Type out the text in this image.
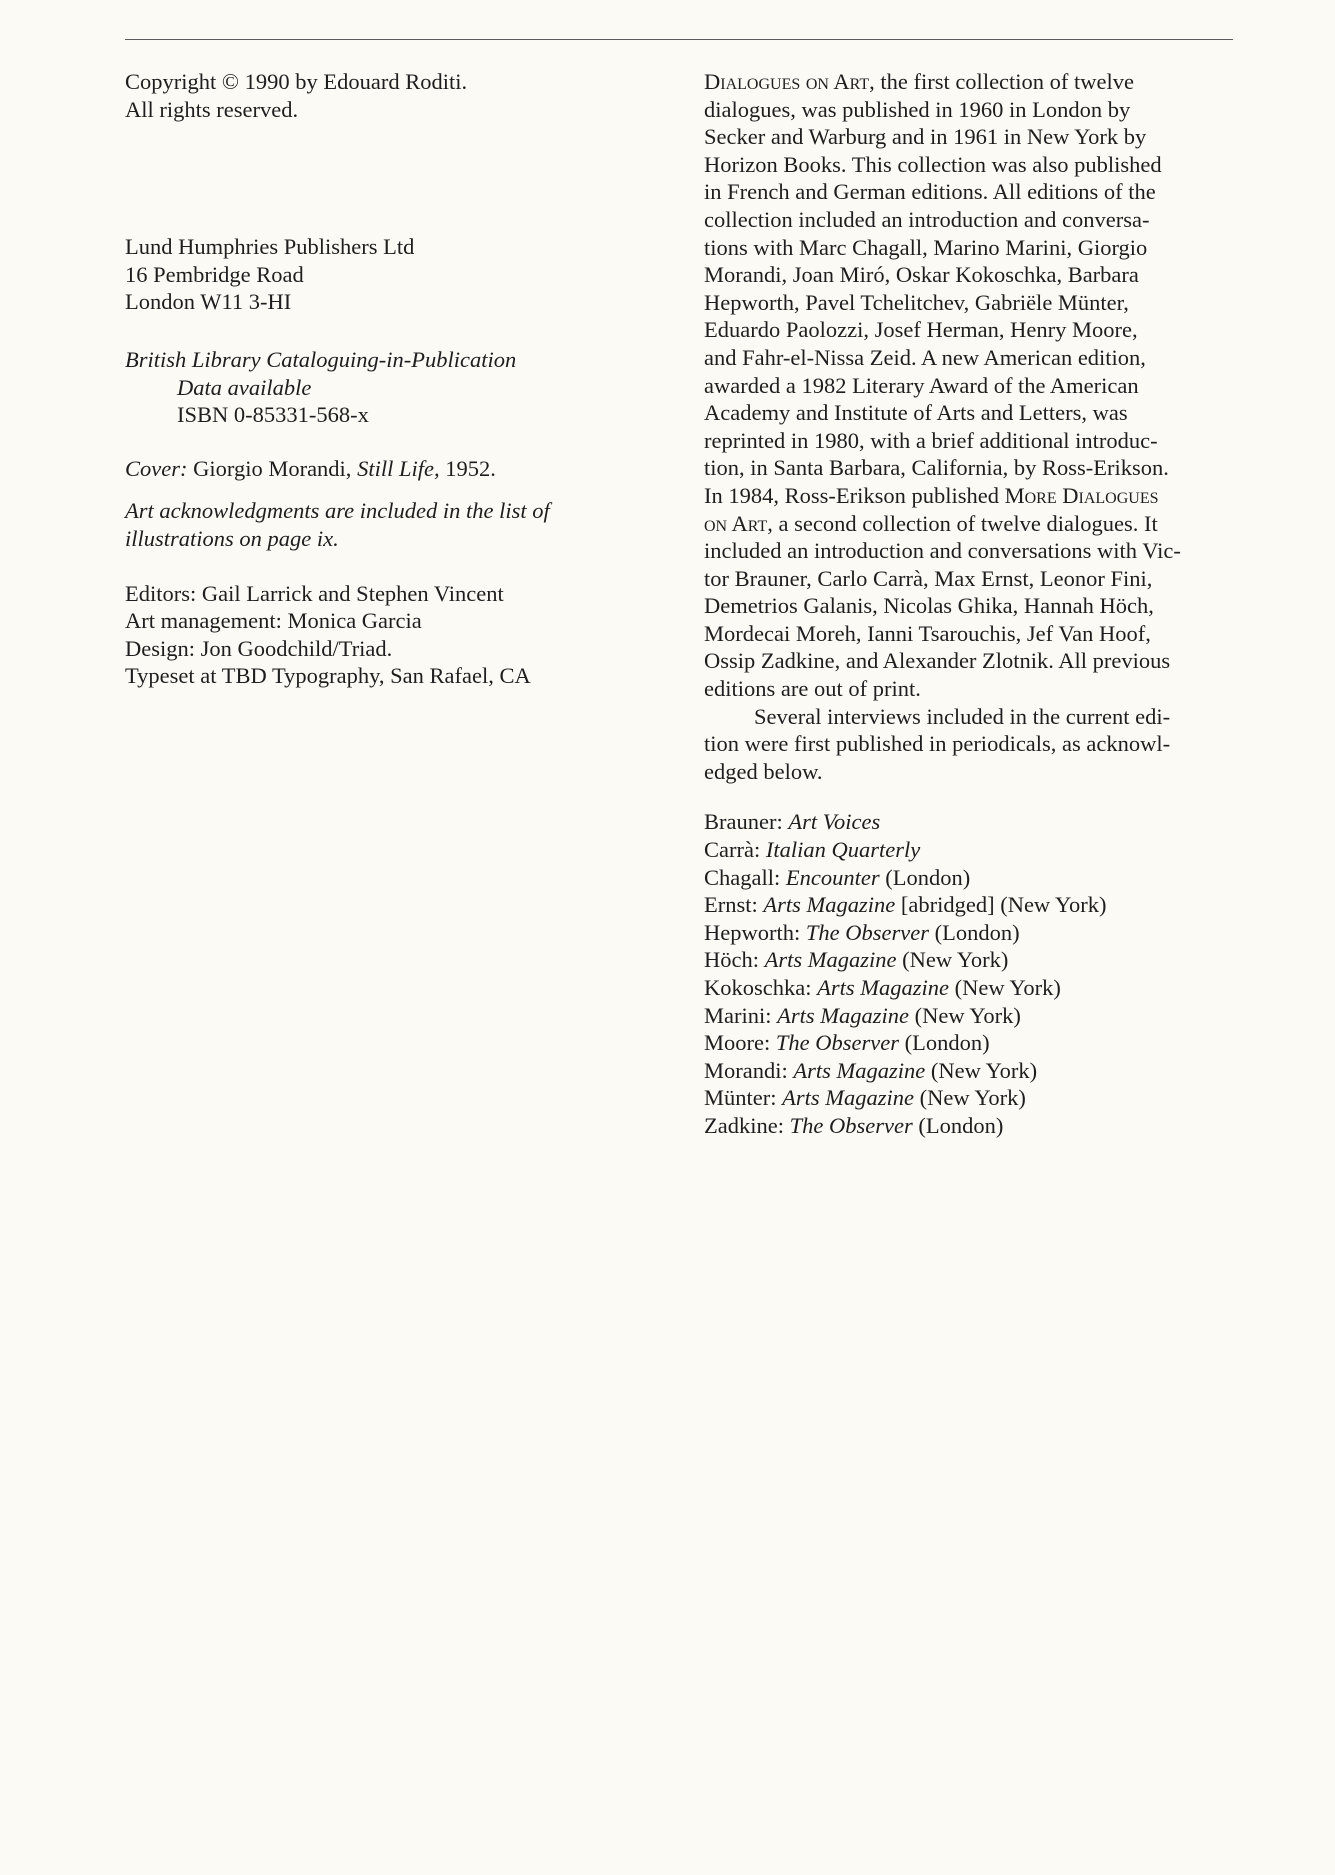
Copyright © 1990 by Edouard Roditi.
All rights reserved.
Lund Humphries Publishers Ltd
16 Pembridge Road
London W11 3-HI
British Library Cataloguing-in-Publication
Data available
ISBN 0-85331-568-x
Cover: Giorgio Morandi, Still Life, 1952.
Art acknowledgments are included in the list of
illustrations on page ix.
Editors: Gail Larrick and Stephen Vincent
Art management: Monica Garcia
Design: Jon Goodchild/Triad.
Typeset at TBD Typography, San Rafael, CA
Dialogues on Art, the first collection of twelve
dialogues, was published in 1960 in London by
Secker and Warburg and in 1961 in New York by
Horizon Books. This collection was also published
in French and German editions. All editions of the
collection included an introduction and conversa-
tions with Marc Chagall, Marino Marini, Giorgio
Morandi, Joan Miró, Oskar Kokoschka, Barbara
Hepworth, Pavel Tchelitchev, Gabriële Münter,
Eduardo Paolozzi, Josef Herman, Henry Moore,
and Fahr-el-Nissa Zeid. A new American edition,
awarded a 1982 Literary Award of the American
Academy and Institute of Arts and Letters, was
reprinted in 1980, with a brief additional introduc-
tion, in Santa Barbara, California, by Ross-Erikson.
In 1984, Ross-Erikson published More Dialogues
on Art, a second collection of twelve dialogues. It
included an introduction and conversations with Vic-
tor Brauner, Carlo Carrà, Max Ernst, Leonor Fini,
Demetrios Galanis, Nicolas Ghika, Hannah Höch,
Mordecai Moreh, Ianni Tsarouchis, Jef Van Hoof,
Ossip Zadkine, and Alexander Zlotnik. All previous
editions are out of print.
Several interviews included in the current edi-
tion were first published in periodicals, as acknowl-
edged below.
Brauner: Art Voices
Carrà: Italian Quarterly
Chagall: Encounter (London)
Ernst: Arts Magazine [abridged] (New York)
Hepworth: The Observer (London)
Höch: Arts Magazine (New York)
Kokoschka: Arts Magazine (New York)
Marini: Arts Magazine (New York)
Moore: The Observer (London)
Morandi: Arts Magazine (New York)
Münter: Arts Magazine (New York)
Zadkine: The Observer (London)
